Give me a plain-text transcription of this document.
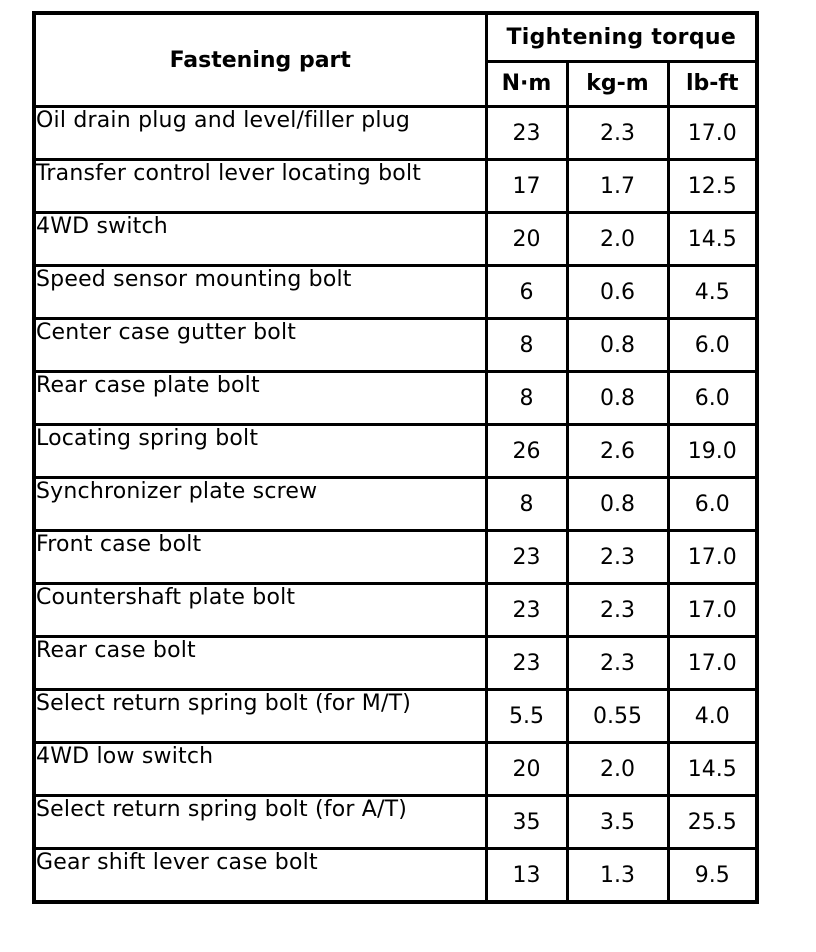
Fastening part	Tightening torque		
	N·m	kg-m	lb-ft
Oil drain plug and level/filler plug	23	2.3	17.0
Transfer control lever locating bolt	17	1.7	12.5
4WD switch	20	2.0	14.5
Speed sensor mounting bolt	6	0.6	4.5
Center case gutter bolt	8	0.8	6.0
Rear case plate bolt	8	0.8	6.0
Locating spring bolt	26	2.6	19.0
Synchronizer plate screw	8	0.8	6.0
Front case bolt	23	2.3	17.0
Countershaft plate bolt	23	2.3	17.0
Rear case bolt	23	2.3	17.0
Select return spring bolt (for M/T)	5.5	0.55	4.0
4WD low switch	20	2.0	14.5
Select return spring bolt (for A/T)	35	3.5	25.5
Gear shift lever case bolt	13	1.3	9.5
